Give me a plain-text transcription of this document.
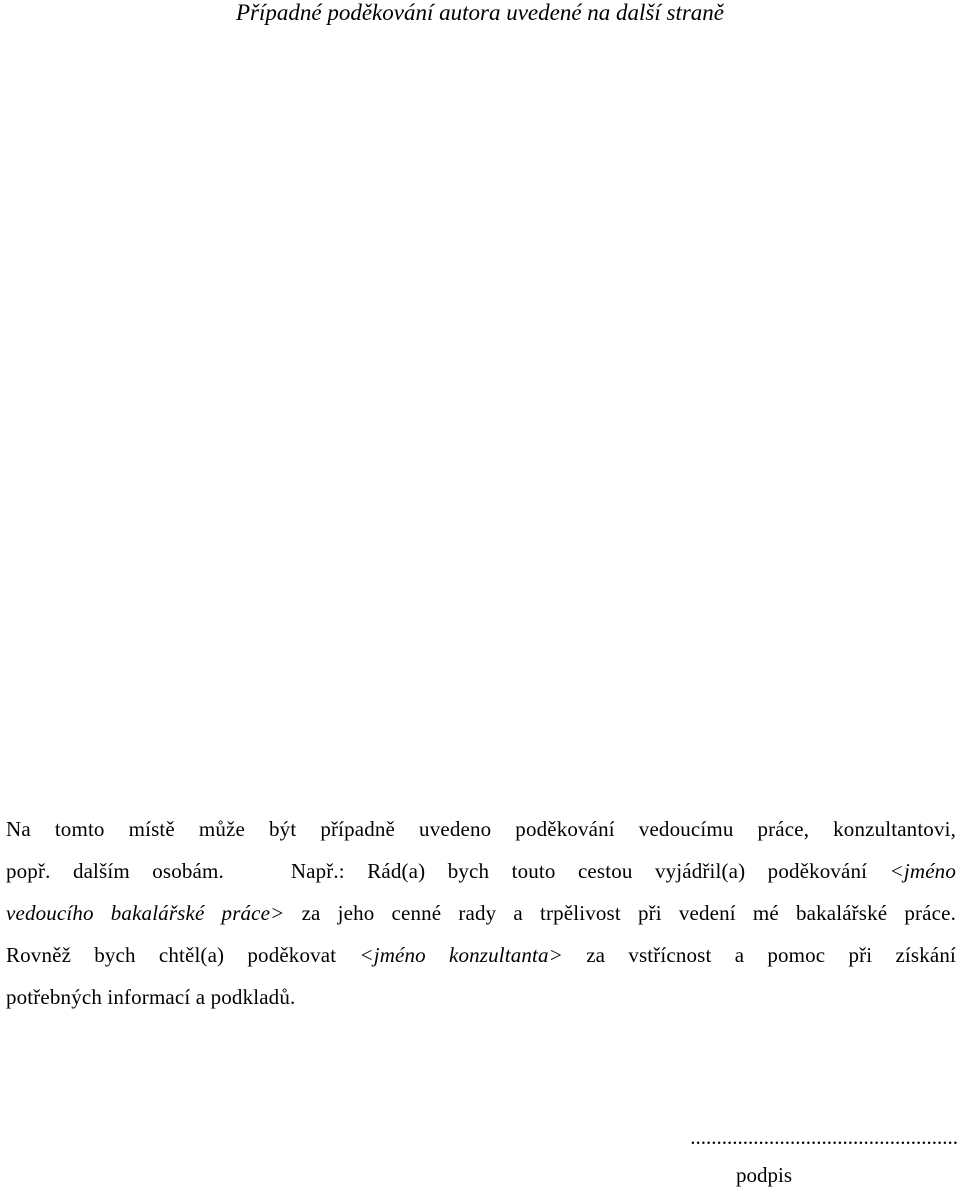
Případné poděkování autora uvedené na další straně
Na tomto místě může být případně uvedeno poděkování vedoucímu práce, konzultantovi,
popř. dalším osobám.	Např.: Rád(a) bych touto cestou vyjádřil(a) poděkování <jméno
vedoucího bakalářské práce> za jeho cenné rady a trpělivost při vedení mé bakalářské práce.
Rovněž bych chtěl(a) poděkovat <jméno konzultanta> za vstřícnost a pomoc při získání
potřebných informací a podkladů.
...................................................
podpis
